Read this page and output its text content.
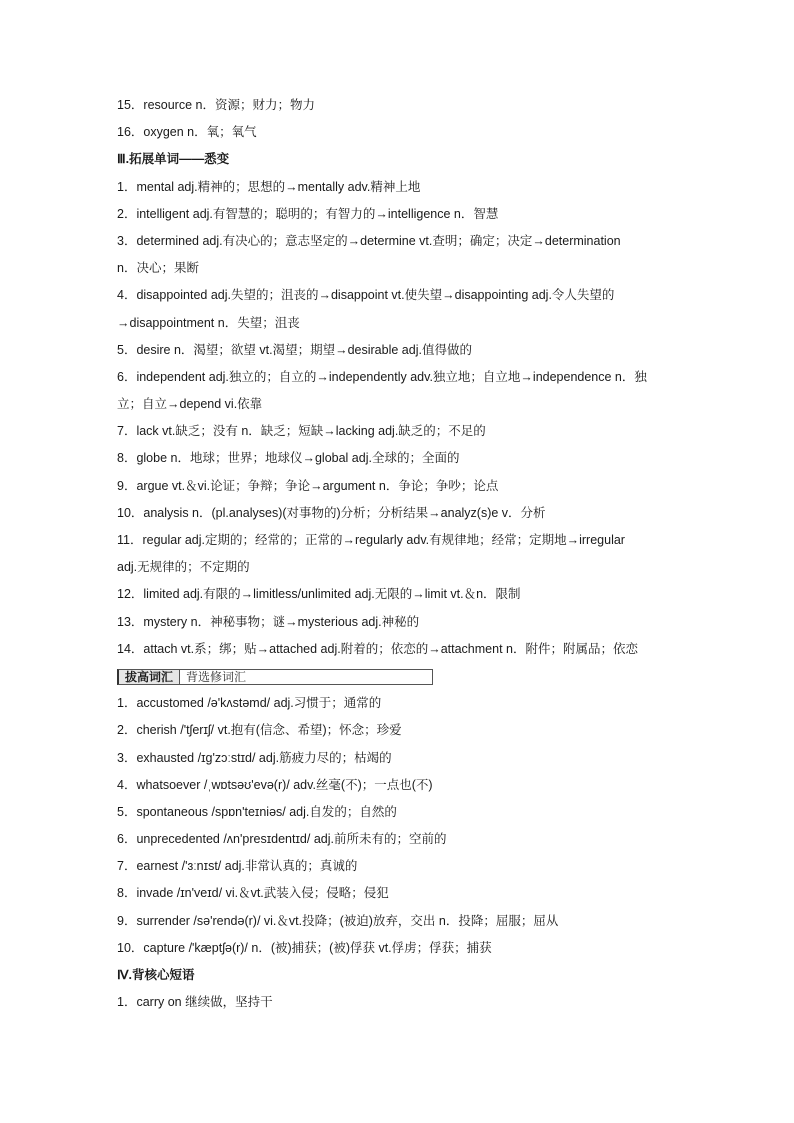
15．resource n．资源；财力；物力
16．oxygen n．氧；氧气
Ⅲ.拓展单词——悉变
1．mental adj.精神的；思想的→mentally adv.精神上地
2．intelligent adj.有智慧的；聪明的；有智力的→intelligence n．智慧
3．determined adj.有决心的；意志坚定的→determine vt.查明；确定；决定→determination
n．决心；果断
4．disappointed adj.失望的；沮丧的→disappoint vt.使失望→disappointing adj.令人失望的
→disappointment n．失望；沮丧
5．desire n．渴望；欲望 vt.渴望；期望→desirable adj.值得做的
6．independent adj.独立的；自立的→independently adv.独立地；自立地→independence n．独
立；自立→depend vi.依靠
7．lack vt.缺乏；没有 n．缺乏；短缺→lacking adj.缺乏的；不足的
8．globe n．地球；世界；地球仪→global adj.全球的；全面的
9．argue vt.＆vi.论证；争辩；争论→argument n．争论；争吵；论点
10．analysis n．(pl.analyses)(对事物的)分析；分析结果→analyz(s)e v．分析
11．regular adj.定期的；经常的；正常的→regularly adv.有规律地；经常；定期地→irregular
adj.无规律的；不定期的
12．limited adj.有限的→limitless/unlimited adj.无限的→limit vt.＆n．限制
13．mystery n．神秘事物；谜→mysterious adj.神秘的
14．attach vt.系；绑；贴→attached adj.附着的；依恋的→attachment n．附件；附属品；依恋
拔高词汇	背选修词汇
1．accustomed /ə'kʌstəmd/ adj.习惯于；通常的
2．cherish /'tʃerɪʃ/ vt.抱有(信念、希望)；怀念；珍爱
3．exhausted /ɪɡ'zɔːstɪd/ adj.筋疲力尽的；枯竭的
4．whatsoever /ˌwɒtsəʊ'evə(r)/ adv.丝毫(不)；一点也(不)
5．spontaneous /spɒn'teɪniəs/ adj.自发的；自然的
6．unprecedented /ʌn'presɪdentɪd/ adj.前所未有的；空前的
7．earnest /'ɜːnɪst/ adj.非常认真的；真诚的
8．invade /ɪn'veɪd/ vi.＆vt.武装入侵；侵略；侵犯
9．surrender /sə'rendə(r)/ vi.＆vt.投降；(被迫)放弃，交出 n．投降；屈服；屈从
10．capture /'kæptʃə(r)/ n．(被)捕获；(被)俘获 vt.俘虏；俘获；捕获
Ⅳ.背核心短语
1．carry on 继续做，坚持干
